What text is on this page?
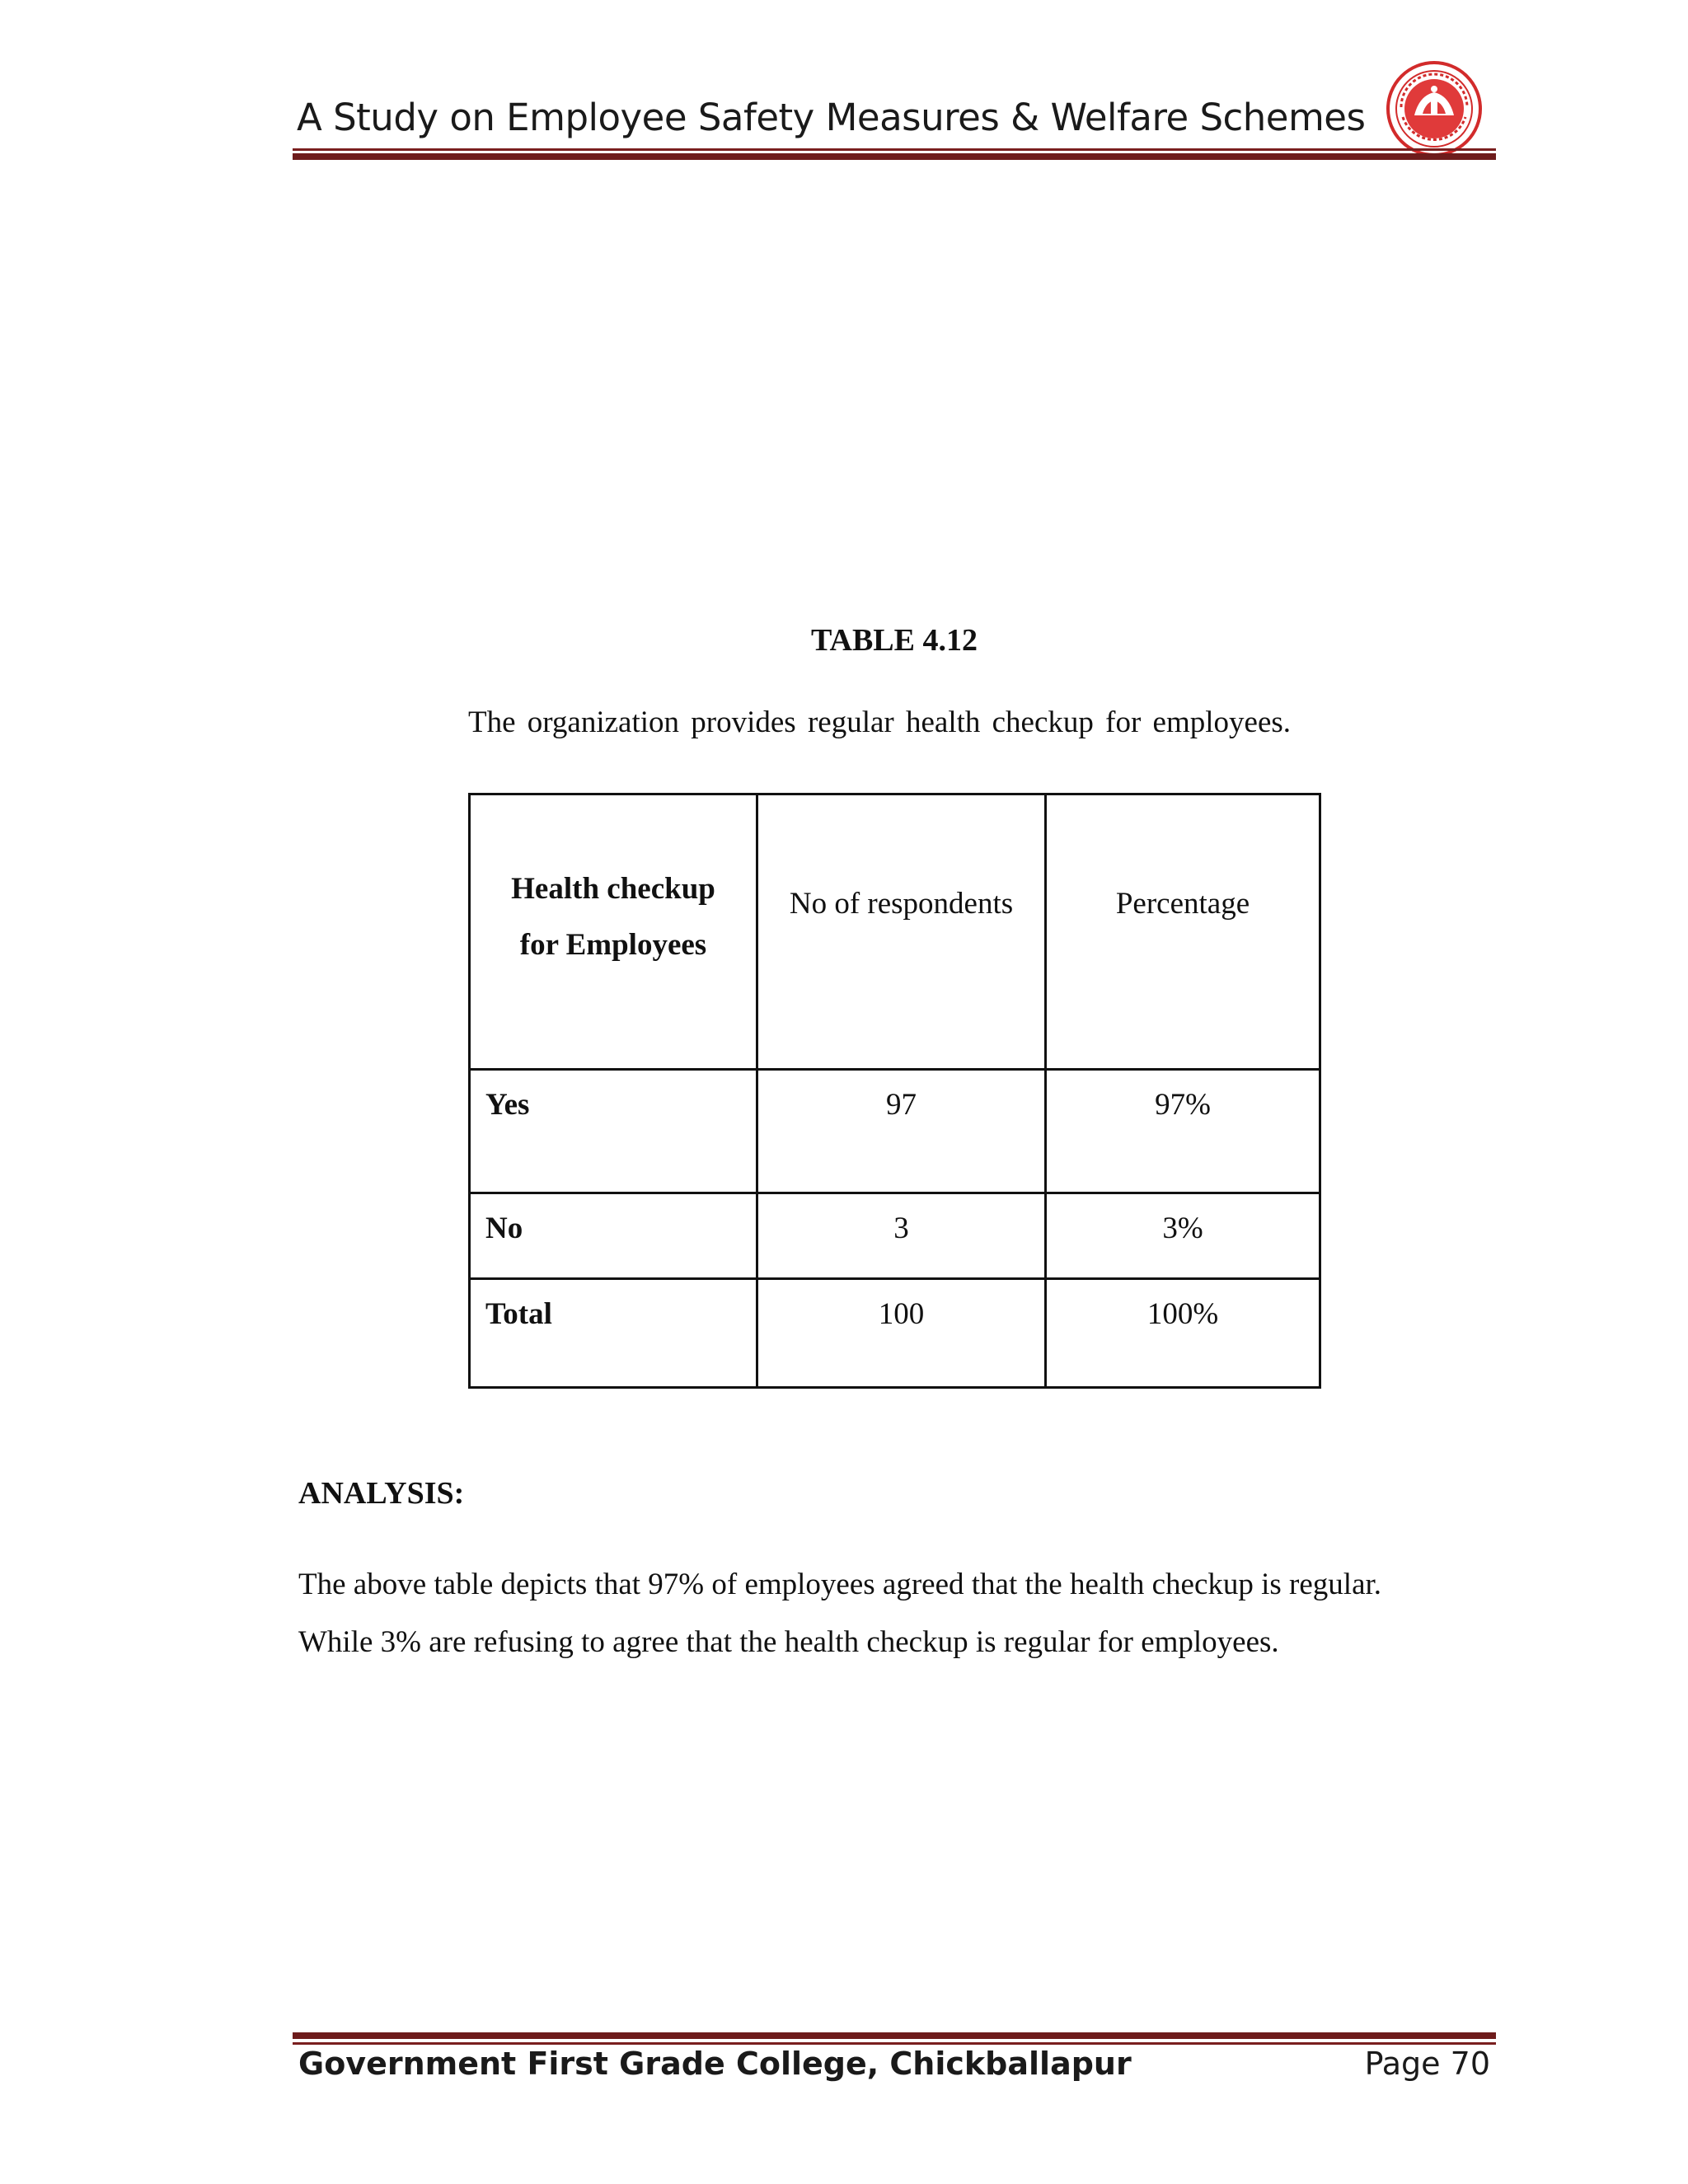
A Study on Employee Safety Measures & Welfare Schemes
TABLE 4.12
The organization provides regular health checkup for employees.
Health checkup
for Employees	No of respondents	Percentage
Yes	97	97%
No	3	3%
Total	100	100%
ANALYSIS:
The above table depicts that 97% of employees agreed that the health checkup is regular.
While 3% are refusing to agree that the health checkup is regular for employees.
Government First Grade College, Chickballapur	Page 70
